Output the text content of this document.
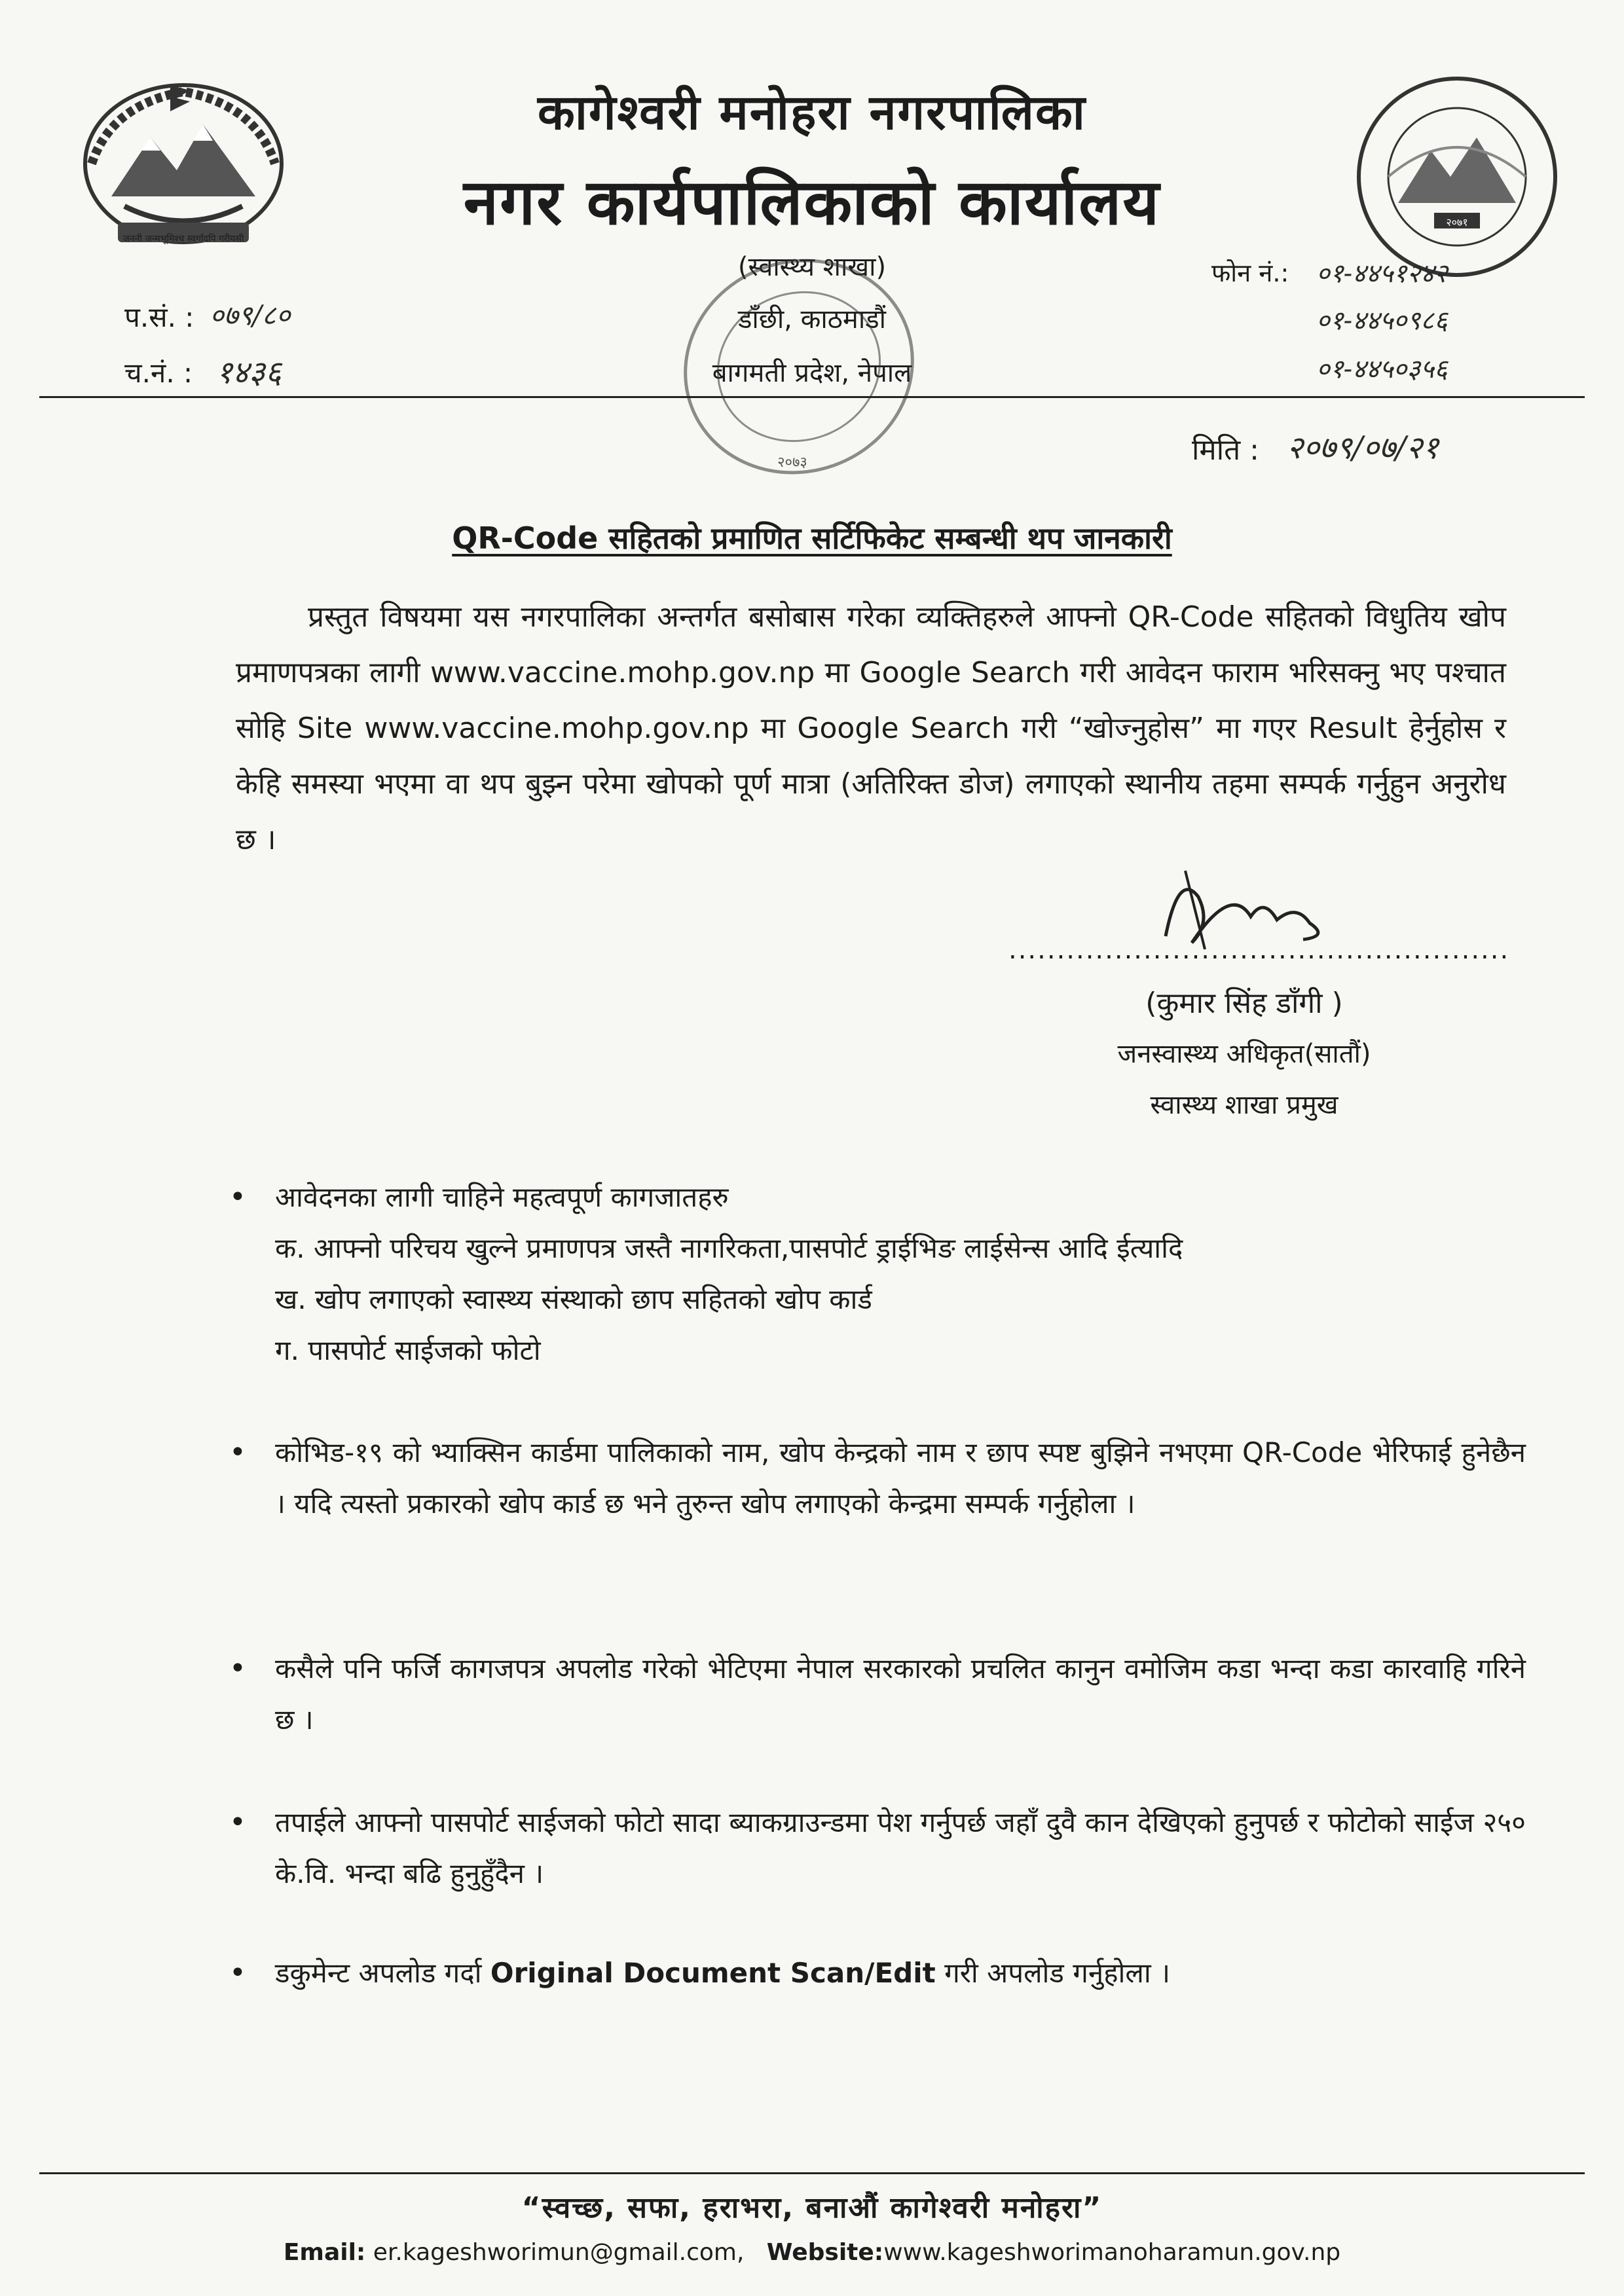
जननी जन्मभूमिश्च स्वर्गादपि गरीयसी
२०७१
कागेश्वरी मनोहरा नगरपालिका
नगर कार्यपालिकाको कार्यालय
(स्वास्थ्य शाखा)
डाँछी, काठमाडौं
बागमती प्रदेश, नेपाल
प.सं. : ०७९/८०
च.नं. : १४३६
फोन नं.: ०१-४४५१२४२
०१-४४५०९८६
०१-४४५०३५६
२०७३	मिति : २०७९/०७/२१
QR-Code सहितको प्रमाणित सर्टिफिकेट सम्बन्धी थप जानकारी
प्रस्तुत विषयमा यस नगरपालिका अन्तर्गत बसोबास गरेका व्यक्तिहरुले आफ्नो QR-Code सहितको विधुतिय खोप प्रमाणपत्रका लागी www.vaccine.mohp.gov.np मा Google Search गरी आवेदन फाराम भरिसक्नु भए पश्चात सोहि Site www.vaccine.mohp.gov.np मा Google Search गरी “खोज्नुहोस” मा गएर Result हेर्नुहोस र केहि समस्या भएमा वा थप बुझ्न परेमा खोपको पूर्ण मात्रा (अतिरिक्त डोज) लगाएको स्थानीय तहमा सम्पर्क गर्नुहुन अनुरोध छ ।
....................................................
(कुमार सिंह डाँगी )
जनस्वास्थ्य अधिकृत(सातौं)
स्वास्थ्य शाखा प्रमुख
• आवेदनका लागी चाहिने महत्वपूर्ण कागजातहरु
क. आफ्नो परिचय खुल्ने प्रमाणपत्र जस्तै नागरिकता,पासपोर्ट ड्राईभिङ लाईसेन्स आदि ईत्यादि
ख. खोप लगाएको स्वास्थ्य संस्थाको छाप सहितको खोप कार्ड
ग. पासपोर्ट साईजको फोटो
• कोभिड-१९ को भ्याक्सिन कार्डमा पालिकाको नाम, खोप केन्द्रको नाम र छाप स्पष्ट बुझिने नभएमा QR-Code भेरिफाई हुनेछैन । यदि त्यस्तो प्रकारको खोप कार्ड छ भने तुरुन्त खोप लगाएको केन्द्रमा सम्पर्क गर्नुहोला ।
• कसैले पनि फर्जि कागजपत्र अपलोड गरेको भेटिएमा नेपाल सरकारको प्रचलित कानुन वमोजिम कडा भन्दा कडा कारवाहि गरिने छ ।
• तपाईले आफ्नो पासपोर्ट साईजको फोटो सादा ब्याकग्राउन्डमा पेश गर्नुपर्छ जहाँ दुवै कान देखिएको हुनुपर्छ र फोटोको साईज २५० के.वि. भन्दा बढि हुनुहुँदैन ।
• डकुमेन्ट अपलोड गर्दा Original Document Scan/Edit गरी अपलोड गर्नुहोला ।
“स्वच्छ, सफा, हराभरा, बनाऔं कागेश्वरी मनोहरा”
Email: er.kageshworimun@gmail.com, Website:www.kageshworimanoharamun.gov.np
